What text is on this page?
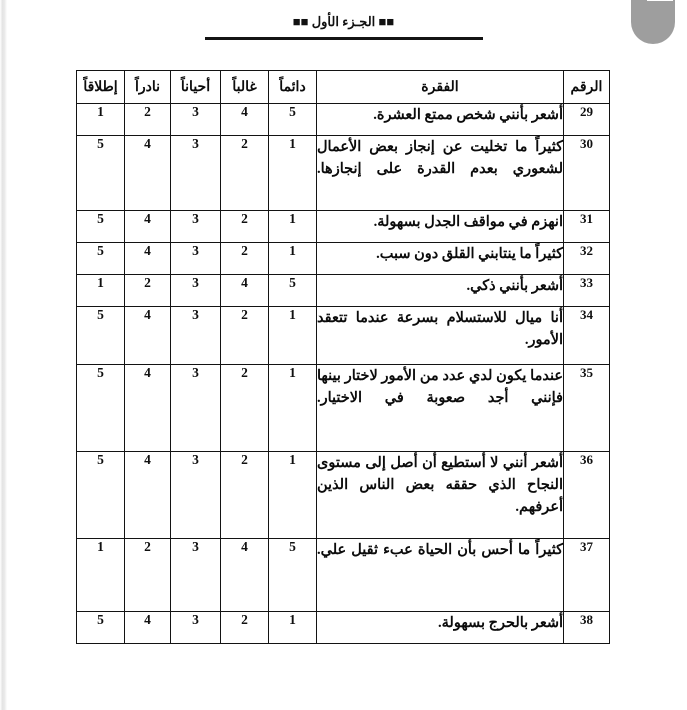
■■ الجـزء الأول ■■
الرقم	الفقرة	دائماً	غالباً	أحياناً	نادراً	إطلاقاً
29	أشعر بأنني شخص ممتع العشرة.	5	4	3	2	1
30	كثيراً ما تخليت عن إنجاز بعض الأعمال لشعوري بعدم القدرة على إنجازها.	1	2	3	4	5
31	انهزم في مواقف الجدل بسهولة.	1	2	3	4	5
32	كثيراً ما ينتابني القلق دون سبب.	1	2	3	4	5
33	أشعر بأنني ذكي.	5	4	3	2	1
34	أنا ميال للاستسلام بسرعة عندما تتعقد الأمور.	1	2	3	4	5
35	عندما يكون لدي عدد من الأمور لاختار بينها فإنني أجد صعوبة في الاختيار.	1	2	3	4	5
36	أشعر أنني لا أستطيع أن أصل إلى مستوى النجاح الذي حققه بعض الناس الذين أعرفهم.	1	2	3	4	5
37	كثيراً ما أحس بأن الحياة عبء ثقيل علي.	5	4	3	2	1
38	أشعر بالحرج بسهولة.	1	2	3	4	5
